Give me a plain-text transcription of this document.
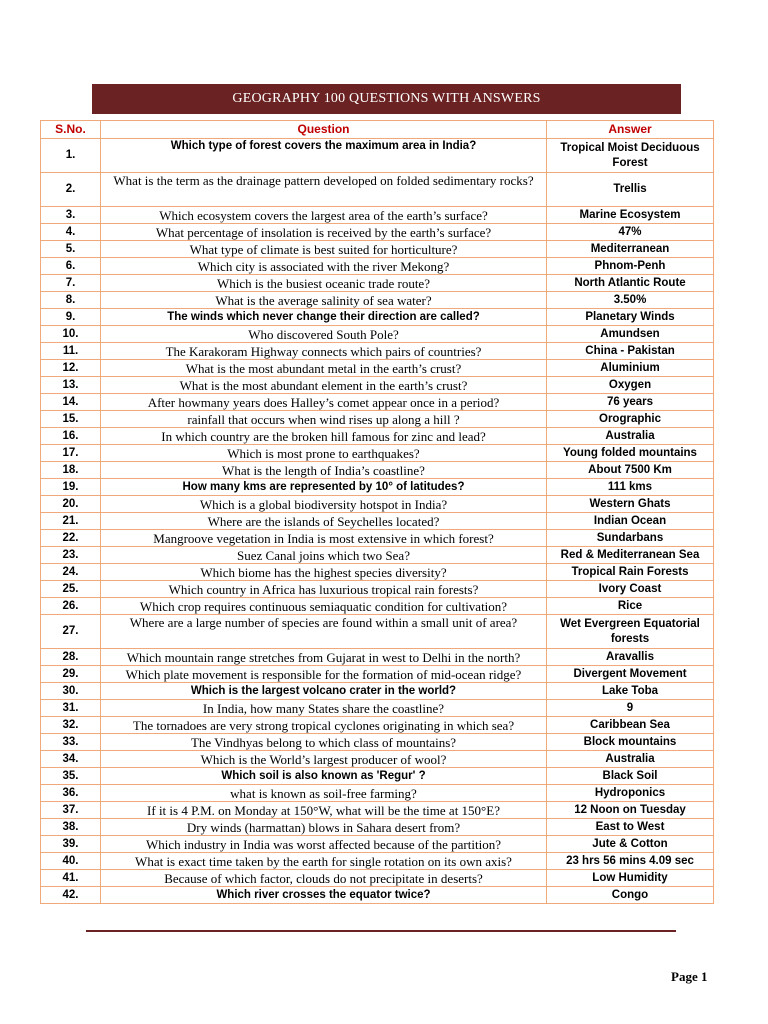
GEOGRAPHY 100 QUESTIONS WITH ANSWERS
S.No.	Question	Answer
1.	Which type of forest covers the maximum area in India?	Tropical Moist Deciduous Forest
2.	What is the term as the drainage pattern developed on folded sedimentary rocks?	Trellis
3.	Which ecosystem covers the largest area of the earth’s surface?	Marine Ecosystem
4.	What percentage of insolation is received by the earth’s surface?	47%
5.	What type of climate is best suited for horticulture?	Mediterranean
6.	Which city is associated with the river Mekong?	Phnom-Penh
7.	Which is the busiest oceanic trade route?	North Atlantic Route
8.	What is the average salinity of sea water?	3.50%
9.	The winds which never change their direction are called?	Planetary Winds
10.	Who discovered South Pole?	Amundsen
11.	The Karakoram Highway connects which pairs of countries?	China - Pakistan
12.	What is the most abundant metal in the earth’s crust?	Aluminium
13.	What is the most abundant element in the earth’s crust?	Oxygen
14.	After howmany years does Halley’s comet appear once in a period?	76 years
15.	rainfall that occurs when wind rises up along a hill ?	Orographic
16.	In which country are the broken hill famous for zinc and lead?	Australia
17.	Which is most prone to earthquakes?	Young folded mountains
18.	What is the length of India’s coastline?	About 7500 Km
19.	How many kms are represented by 10° of latitudes?	111 kms
20.	Which is a global biodiversity hotspot in India?	Western Ghats
21.	Where are the islands of Seychelles located?	Indian Ocean
22.	Mangroove vegetation in India is most extensive in which forest?	Sundarbans
23.	Suez Canal joins which two Sea?	Red & Mediterranean Sea
24.	Which biome has the highest species diversity?	Tropical Rain Forests
25.	Which country in Africa has luxurious tropical rain forests?	Ivory Coast
26.	Which crop requires continuous semiaquatic condition for cultivation?	Rice
27.	Where are a large number of species are found within a small unit of area?	Wet Evergreen Equatorial forests
28.	Which mountain range stretches from Gujarat in west to Delhi in the north?	Aravallis
29.	Which plate movement is responsible for the formation of mid-ocean ridge?	Divergent Movement
30.	Which is the largest volcano crater in the world?	Lake Toba
31.	In India, how many States share the coastline?	9
32.	The tornadoes are very strong tropical cyclones originating in which sea?	Caribbean Sea
33.	The Vindhyas belong to which class of mountains?	Block mountains
34.	Which is the World’s largest producer of wool?	Australia
35.	Which soil is also known as 'Regur' ?	Black Soil
36.	what is known as soil-free farming?	Hydroponics
37.	If it is 4 P.M. on Monday at 150°W, what will be the time at 150°E?	12 Noon on Tuesday
38.	Dry winds (harmattan) blows in Sahara desert from?	East to West
39.	Which industry in India was worst affected because of the partition?	Jute & Cotton
40.	What is exact time taken by the earth for single rotation on its own axis?	23 hrs 56 mins 4.09 sec
41.	Because of which factor, clouds do not precipitate in deserts?	Low Humidity
42.	Which river crosses the equator twice?	Congo
Page 1
